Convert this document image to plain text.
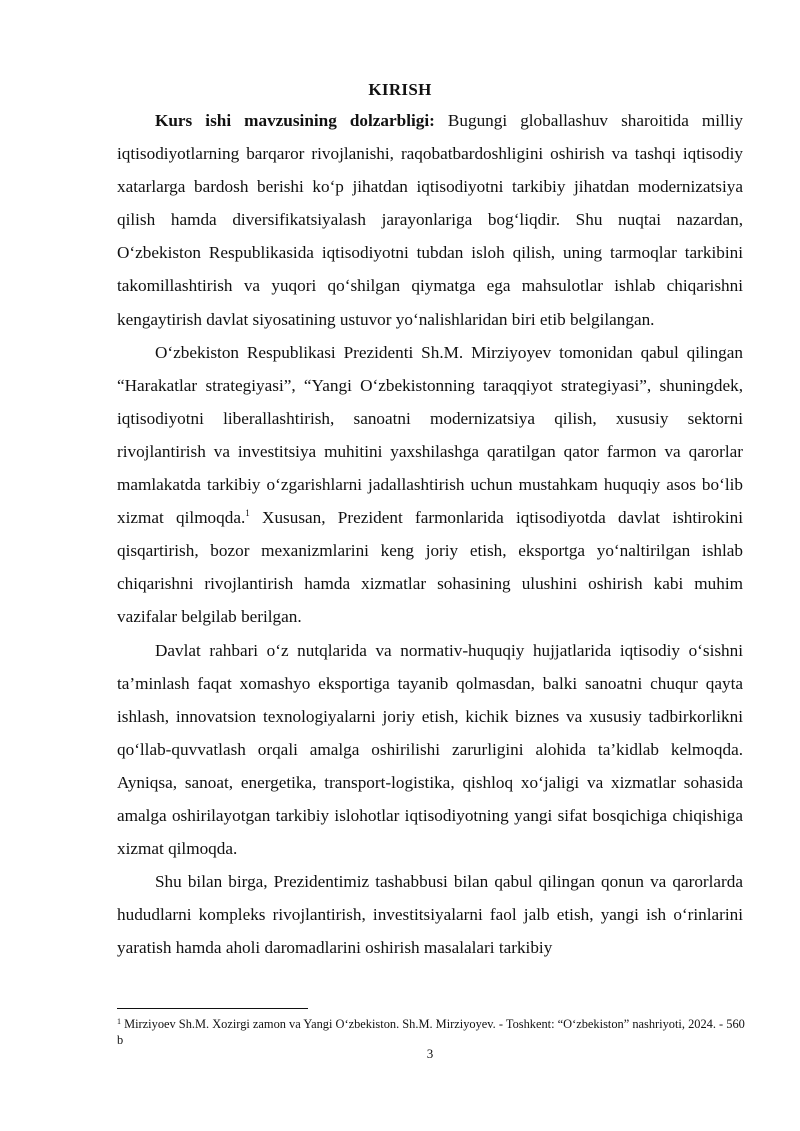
KIRISH

Kurs ishi mavzusining dolzarbligi: Bugungi globallashuv sharoitida milliy iqtisodiyotlarning barqaror rivojlanishi, raqobatbardoshligini oshirish va tashqi iqtisodiy xatarlarga bardosh berishi ko‘p jihatdan iqtisodiyotni tarkibiy jihatdan modernizatsiya qilish hamda diversifikatsiyalash jarayonlariga bog‘liqdir. Shu nuqtai nazardan, O‘zbekiston Respublikasida iqtisodiyotni tubdan isloh qilish, uning tarmoqlar tarkibini takomillashtirish va yuqori qo‘shilgan qiymatga ega mahsulotlar ishlab chiqarishni kengaytirish davlat siyosatining ustuvor yo‘nalishlaridan biri etib belgilangan.

O‘zbekiston Respublikasi Prezidenti Sh.M. Mirziyoyev tomonidan qabul qilingan “Harakatlar strategiyasi”, “Yangi O‘zbekistonning taraqqiyot strategiyasi”, shuningdek, iqtisodiyotni liberallashtirish, sanoatni modernizatsiya qilish, xususiy sektorni rivojlantirish va investitsiya muhitini yaxshilashga qaratilgan qator farmon va qarorlar mamlakatda tarkibiy o‘zgarishlarni jadallashtirish uchun mustahkam huquqiy asos bo‘lib xizmat qilmoqda.$^1$ Xususan, Prezident farmonlarida iqtisodiyotda davlat ishtirokini qisqartirish, bozor mexanizmlarini keng joriy etish, eksportga yo‘naltirilgan ishlab chiqarishni rivojlantirish hamda xizmatlar sohasining ulushini oshirish kabi muhim vazifalar belgilab berilgan.

Davlat rahbari o‘z nutqlarida va normativ-huquqiy hujjatlarida iqtisodiy o‘sishni ta’minlash faqat xomashyo eksportiga tayanib qolmasdan, balki sanoatni chuqur qayta ishlash, innovatsion texnologiyalarni joriy etish, kichik biznes va xususiy tadbirkorlikni qo‘llab-quvvatlash orqali amalga oshirilishi zarurligini alohida ta’kidlab kelmoqda. Ayniqsa, sanoat, energetika, transport-logistika, qishloq xo‘jaligi va xizmatlar sohasida amalga oshirilayotgan tarkibiy islohotlar iqtisodiyotning yangi sifat bosqichiga chiqishiga xizmat qilmoqda.

Shu bilan birga, Prezidentimiz tashabbusi bilan qabul qilingan qonun va qarorlarda hududlarni kompleks rivojlantirish, investitsiyalarni faol jalb etish, yangi ish o‘rinlarini yaratish hamda aholi daromadlarini oshirish masalalari tarkibiy

$^1$ Mirziyoev Sh.M. Xozirgi zamon va Yangi O‘zbekiston. Sh.M. Mirziyoyev. - Toshkent: “O‘zbekiston” nashriyoti, 2024. - 560 b
3
